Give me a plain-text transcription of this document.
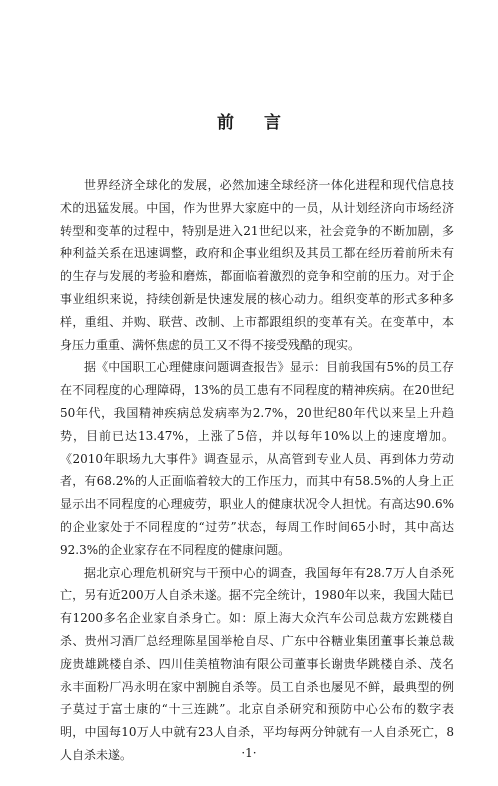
前 言

世界经济全球化的发展，必然加速全球经济一体化进程和现代信息技术的迅猛发展。中国，作为世界大家庭中的一员，从计划经济向市场经济转型和变革的过程中，特别是进入21世纪以来，社会竞争的不断加剧，多种利益关系在迅速调整，政府和企事业组织及其员工都在经历着前所未有的生存与发展的考验和磨炼，都面临着激烈的竞争和空前的压力。对于企事业组织来说，持续创新是快速发展的核心动力。组织变革的形式多种多样，重组、并购、联营、改制、上市都跟组织的变革有关。在变革中，本身压力重重、满怀焦虑的员工又不得不接受残酷的现实。

据《中国职工心理健康问题调查报告》显示：目前我国有5%的员工存在不同程度的心理障碍，13%的员工患有不同程度的精神疾病。在20世纪50年代，我国精神疾病总发病率为2.7%，20世纪80年代以来呈上升趋势，目前已达13.47%，上涨了5倍，并以每年10%以上的速度增加。《2010年职场九大事件》调查显示，从高管到专业人员、再到体力劳动者，有68.2%的人正面临着较大的工作压力，而其中有58.5%的人身上正显示出不同程度的心理疲劳，职业人的健康状况令人担忧。有高达90.6%的企业家处于不同程度的“过劳”状态，每周工作时间65小时，其中高达92.3%的企业家存在不同程度的健康问题。

据北京心理危机研究与干预中心的调查，我国每年有28.7万人自杀死亡，另有近200万人自杀未遂。据不完全统计，1980年以来，我国大陆已有1200多名企业家自杀身亡。如：原上海大众汽车公司总裁方宏跳楼自杀、贵州习酒厂总经理陈星国举枪自尽、广东中谷糖业集团董事长兼总裁庞贵雄跳楼自杀、四川佳美植物油有限公司董事长谢贵华跳楼自杀、茂名永丰面粉厂冯永明在家中割腕自杀等。员工自杀也屡见不鲜，最典型的例子莫过于富士康的“十三连跳”。北京自杀研究和预防中心公布的数字表明，中国每10万人中就有23人自杀，平均每两分钟就有一人自杀死亡，8人自杀未遂。	·1·
